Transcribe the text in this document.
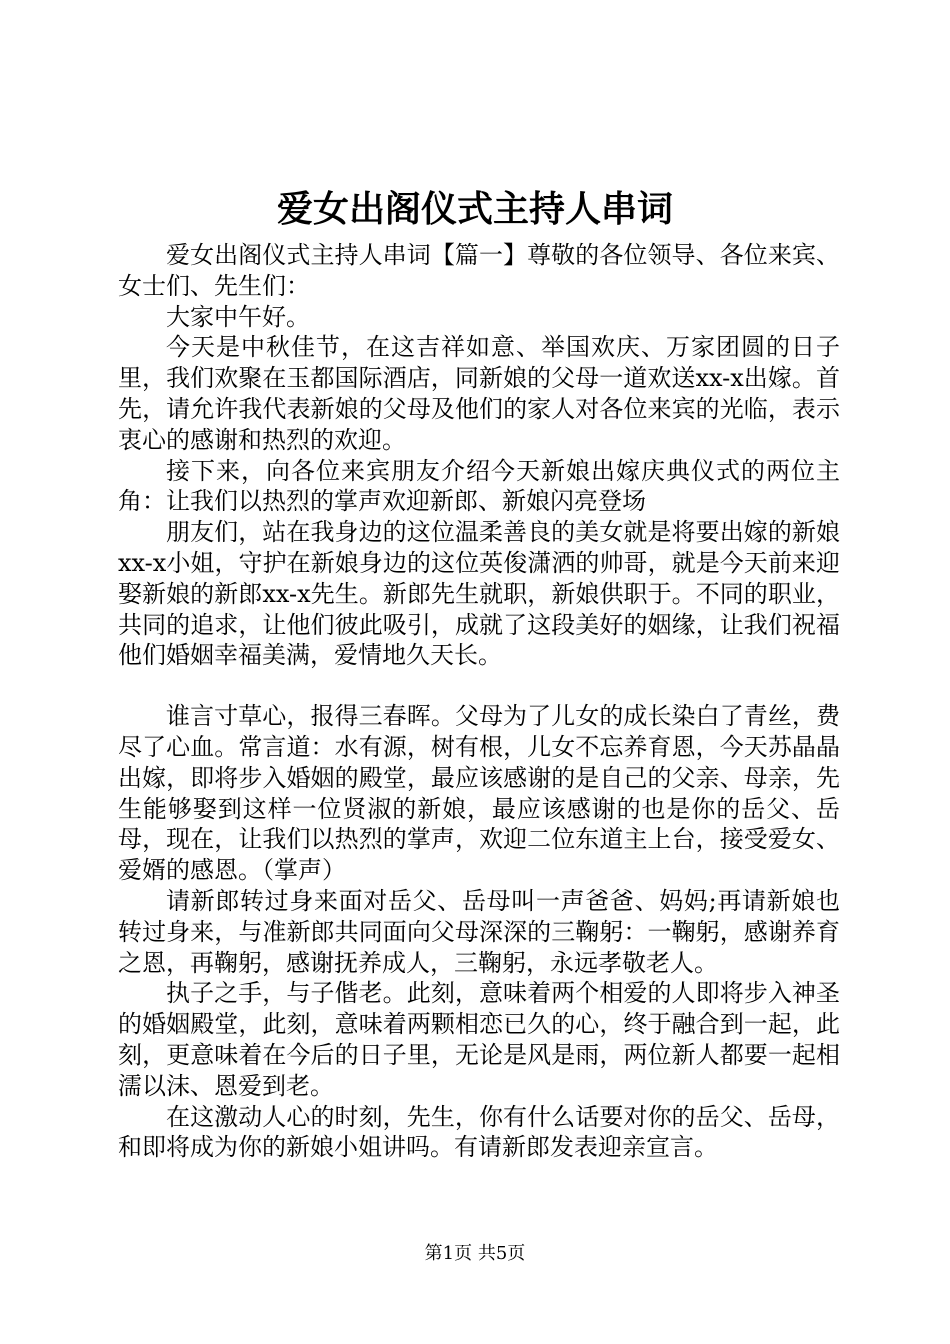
爱女出阁仪式主持人串词

爱女出阁仪式主持人串词【篇一】尊敬的各位领导、各位来宾、女士们、先生们：

大家中午好。

今天是中秋佳节，在这吉祥如意、举国欢庆、万家团圆的日子里，我们欢聚在玉都国际酒店，同新娘的父母一道欢送xx-x出嫁。首先，请允许我代表新娘的父母及他们的家人对各位来宾的光临，表示衷心的感谢和热烈的欢迎。

接下来，向各位来宾朋友介绍今天新娘出嫁庆典仪式的两位主角：让我们以热烈的掌声欢迎新郎、新娘闪亮登场

朋友们，站在我身边的这位温柔善良的美女就是将要出嫁的新娘xx-x小姐，守护在新娘身边的这位英俊潇洒的帅哥，就是今天前来迎娶新娘的新郎xx-x先生。新郎先生就职，新娘供职于。不同的职业，共同的追求，让他们彼此吸引，成就了这段美好的姻缘，让我们祝福他们婚姻幸福美满，爱情地久天长。

谁言寸草心，报得三春晖。父母为了儿女的成长染白了青丝，费尽了心血。常言道：水有源，树有根，儿女不忘养育恩，今天苏晶晶出嫁，即将步入婚姻的殿堂，最应该感谢的是自己的父亲、母亲，先生能够娶到这样一位贤淑的新娘，最应该感谢的也是你的岳父、岳母，现在，让我们以热烈的掌声，欢迎二位东道主上台，接受爱女、爱婿的感恩。（掌声）

请新郎转过身来面对岳父、岳母叫一声爸爸、妈妈;再请新娘也转过身来，与准新郎共同面向父母深深的三鞠躬：一鞠躬，感谢养育之恩，再鞠躬，感谢抚养成人，三鞠躬，永远孝敬老人。

执子之手，与子偕老。此刻，意味着两个相爱的人即将步入神圣的婚姻殿堂，此刻，意味着两颗相恋已久的心，终于融合到一起，此刻，更意味着在今后的日子里，无论是风是雨，两位新人都要一起相濡以沫、恩爱到老。

在这激动人心的时刻，先生，你有什么话要对你的岳父、岳母，和即将成为你的新娘小姐讲吗。有请新郎发表迎亲宣言。

第1页 共5页
